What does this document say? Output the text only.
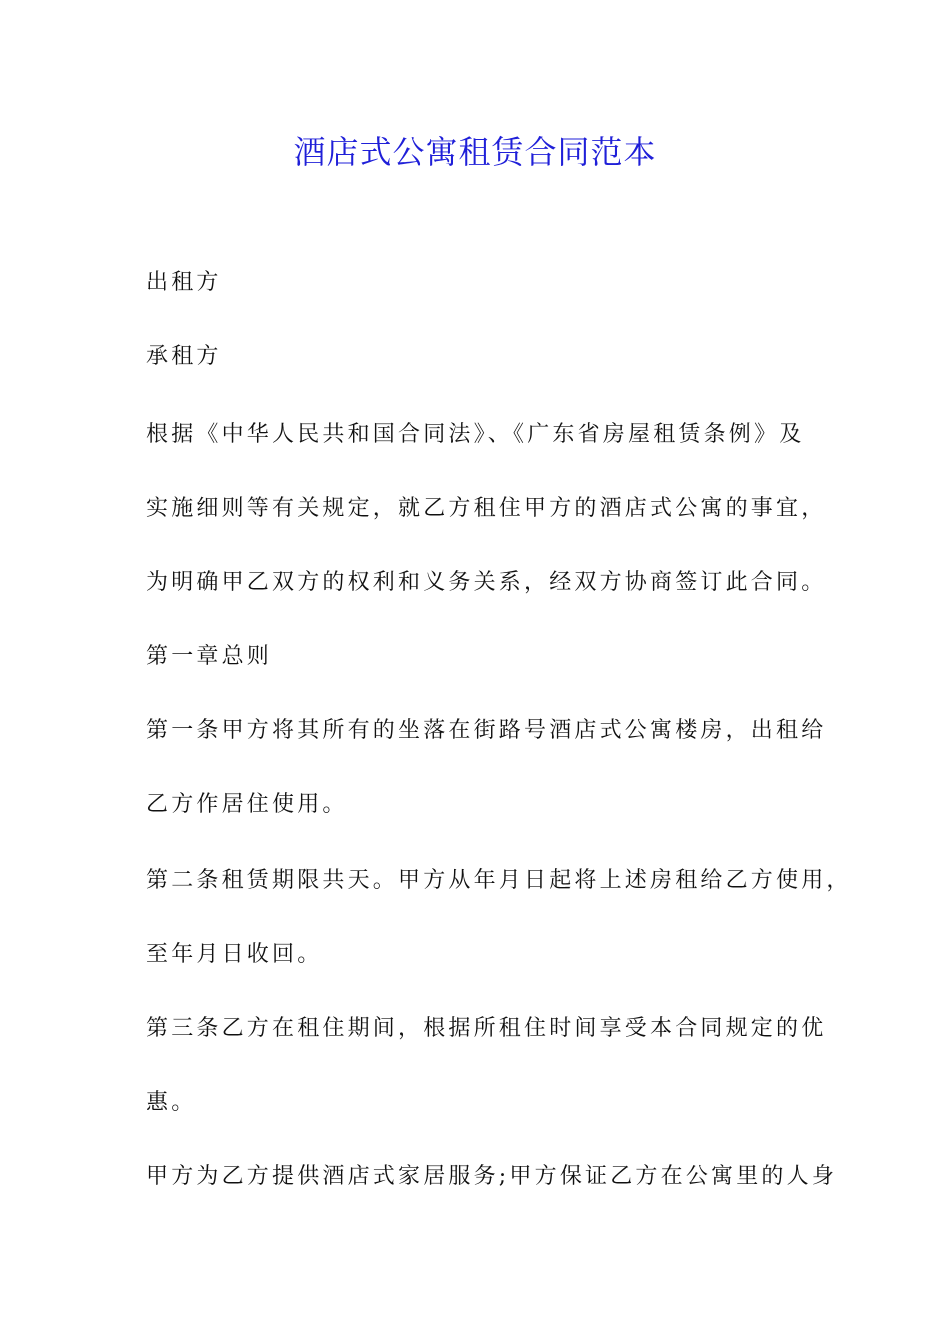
酒店式公寓租赁合同范本
出租方
承租方
根据《中华人民共和国合同法》、《广东省房屋租赁条例》及
实施细则等有关规定，就乙方租住甲方的酒店式公寓的事宜，
为明确甲乙双方的权利和义务关系，经双方协商签订此合同。
第一章总则
第一条甲方将其所有的坐落在街路号酒店式公寓楼房，出租给
乙方作居住使用。
第二条租赁期限共天。甲方从年月日起将上述房租给乙方使用，
至年月日收回。
第三条乙方在租住期间，根据所租住时间享受本合同规定的优
惠。
甲方为乙方提供酒店式家居服务;甲方保证乙方在公寓里的人身
